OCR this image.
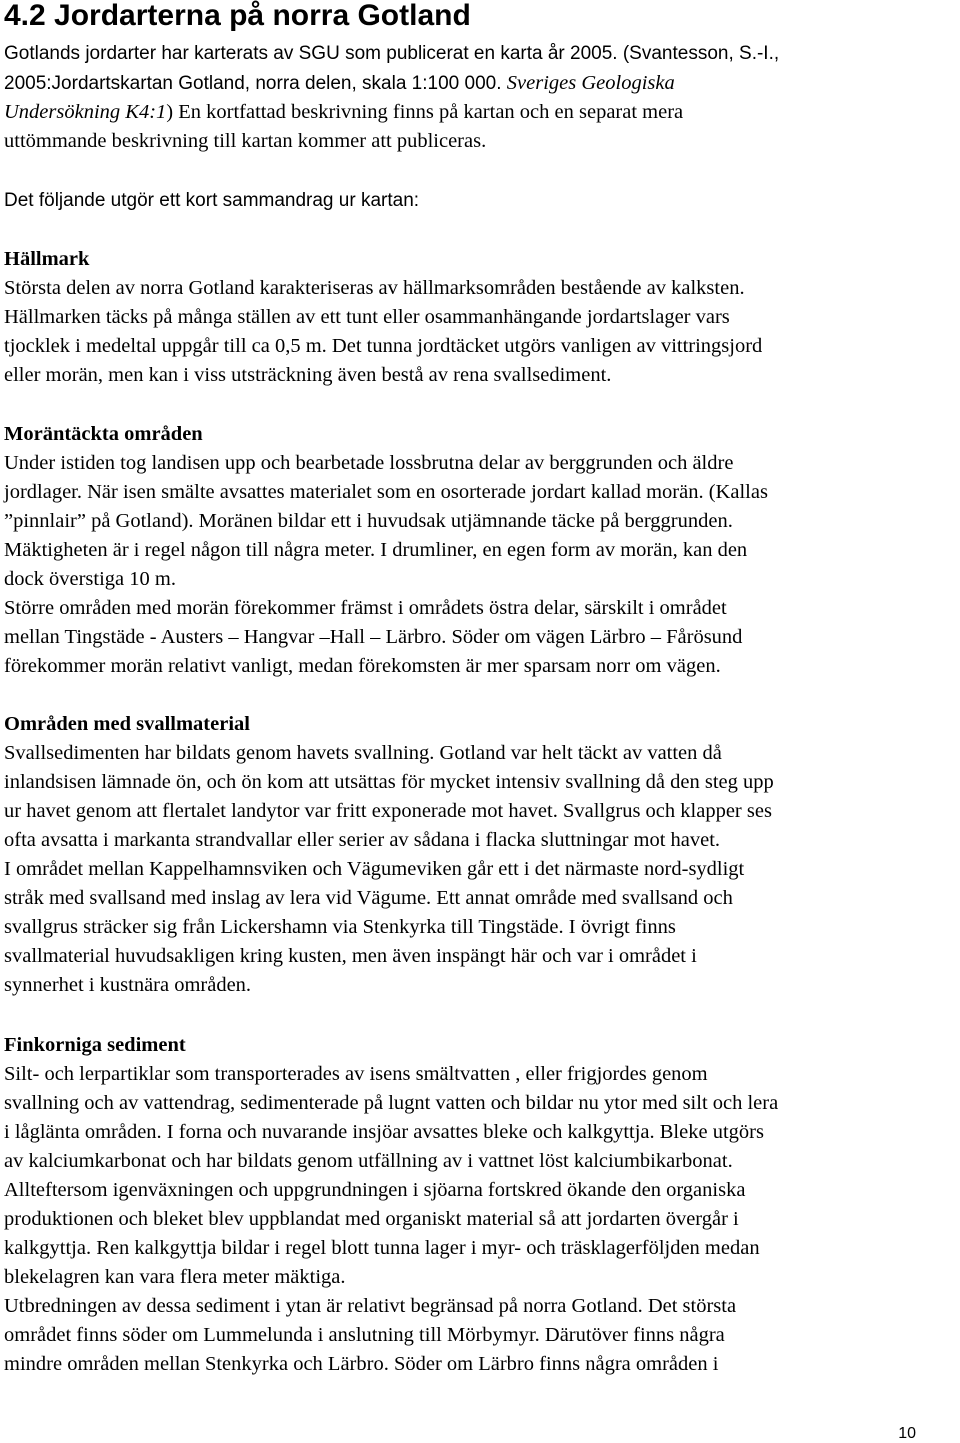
4.2 Jordarterna på norra Gotland
Gotlands jordarter har karterats av SGU som publicerat en karta år 2005. (Svantesson, S.-I.,
2005:Jordartskartan Gotland, norra delen, skala 1:100 000. Sveriges Geologiska
Undersökning K4:1) En kortfattad beskrivning finns på kartan och en separat mera
uttömmande beskrivning till kartan kommer att publiceras.
Det följande utgör ett kort sammandrag ur kartan:
Hällmark
Största delen av norra Gotland karakteriseras av hällmarksområden bestående av kalksten.
Hällmarken täcks på många ställen av ett tunt eller osammanhängande jordartslager vars
tjocklek i medeltal uppgår till ca 0,5 m. Det tunna jordtäcket utgörs vanligen av vittringsjord
eller morän, men kan i viss utsträckning även bestå av rena svallsediment.
Moräntäckta områden
Under istiden tog landisen upp och bearbetade lossbrutna delar av berggrunden och äldre
jordlager. När isen smälte avsattes materialet som en osorterade jordart kallad morän. (Kallas
”pinnlair” på Gotland). Moränen bildar ett i huvudsak utjämnande täcke på berggrunden.
Mäktigheten är i regel någon till några meter. I drumliner, en egen form av morän, kan den
dock överstiga 10 m.
Större områden med morän förekommer främst i områdets östra delar, särskilt i området
mellan Tingstäde - Austers – Hangvar –Hall – Lärbro. Söder om vägen Lärbro – Fårösund
förekommer morän relativt vanligt, medan förekomsten är mer sparsam norr om vägen.
Områden med svallmaterial
Svallsedimenten har bildats genom havets svallning. Gotland var helt täckt av vatten då
inlandsisen lämnade ön, och ön kom att utsättas för mycket intensiv svallning då den steg upp
ur havet genom att flertalet landytor var fritt exponerade mot havet. Svallgrus och klapper ses
ofta avsatta i markanta strandvallar eller serier av sådana i flacka sluttningar mot havet.
I området mellan Kappelhamnsviken och Vägumeviken går ett i det närmaste nord-sydligt
stråk med svallsand med inslag av lera vid Vägume. Ett annat område med svallsand och
svallgrus sträcker sig från Lickershamn via Stenkyrka till Tingstäde. I övrigt finns
svallmaterial huvudsakligen kring kusten, men även inspängt här och var i området i
synnerhet i kustnära områden.
Finkorniga sediment
Silt- och lerpartiklar som transporterades av isens smältvatten , eller frigjordes genom
svallning och av vattendrag, sedimenterade på lugnt vatten och bildar nu ytor med silt och lera
i låglänta områden. I forna och nuvarande insjöar avsattes bleke och kalkgyttja. Bleke utgörs
av kalciumkarbonat och har bildats genom utfällning av i vattnet löst kalciumbikarbonat.
Allteftersom igenväxningen och uppgrundningen i sjöarna fortskred ökande den organiska
produktionen och bleket blev uppblandat med organiskt material så att jordarten övergår i
kalkgyttja. Ren kalkgyttja bildar i regel blott tunna lager i myr- och träsklagerföljden medan
blekelagren kan vara flera meter mäktiga.
Utbredningen av dessa sediment i ytan är relativt begränsad på norra Gotland. Det största
området finns söder om Lummelunda i anslutning till Mörbymyr. Därutöver finns några
mindre områden mellan Stenkyrka och Lärbro. Söder om Lärbro finns några områden i
10
